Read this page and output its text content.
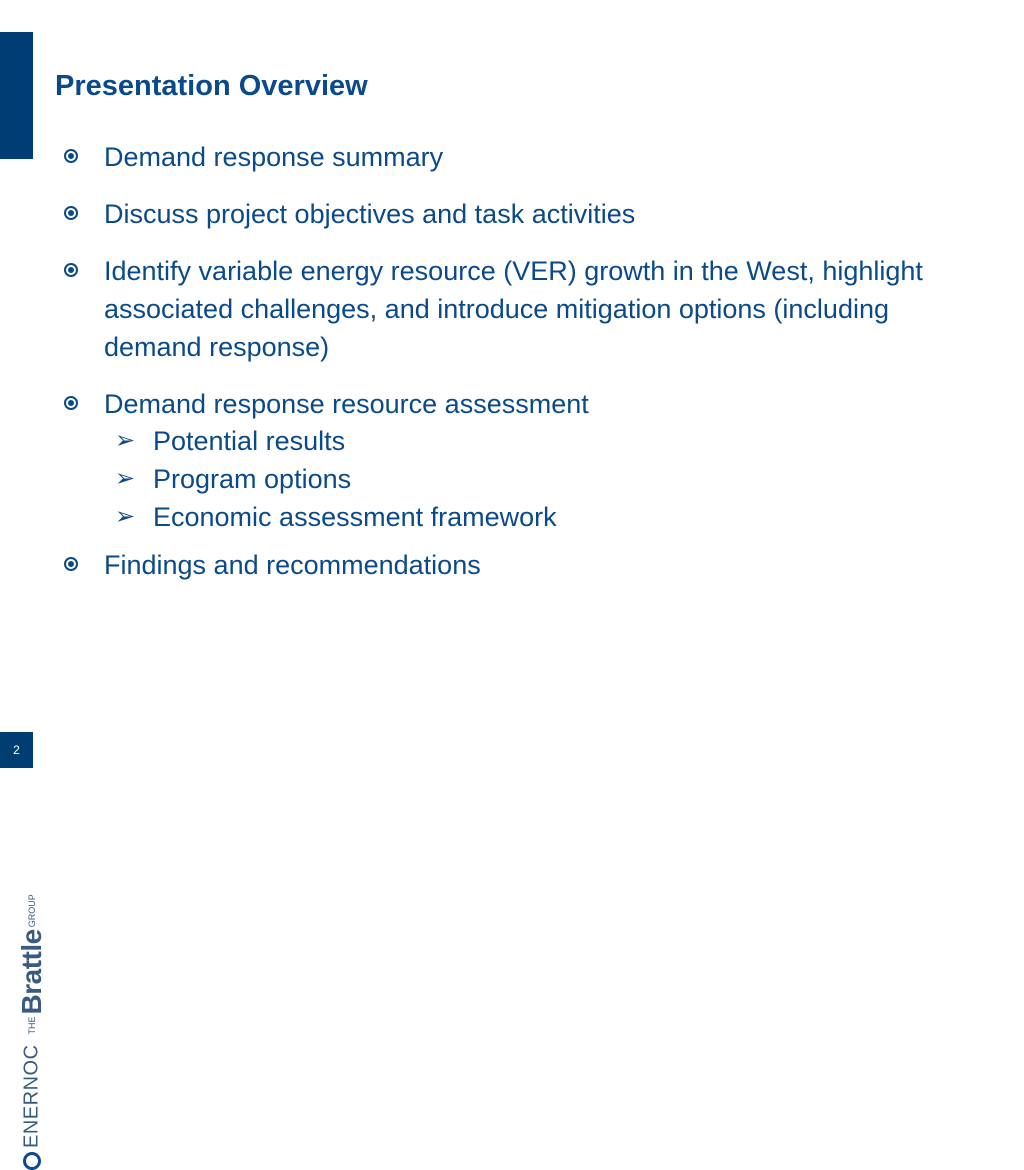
Presentation Overview
Demand response summary
Discuss project objectives and task activities
Identify variable energy resource (VER) growth in the West, highlight associated challenges, and introduce mitigation options (including demand response)
Demand response resource assessment
➢ Potential results
➢ Program options
➢ Economic assessment framework
Findings and recommendations
ENERNOCTHEBrattleGROUP
2
